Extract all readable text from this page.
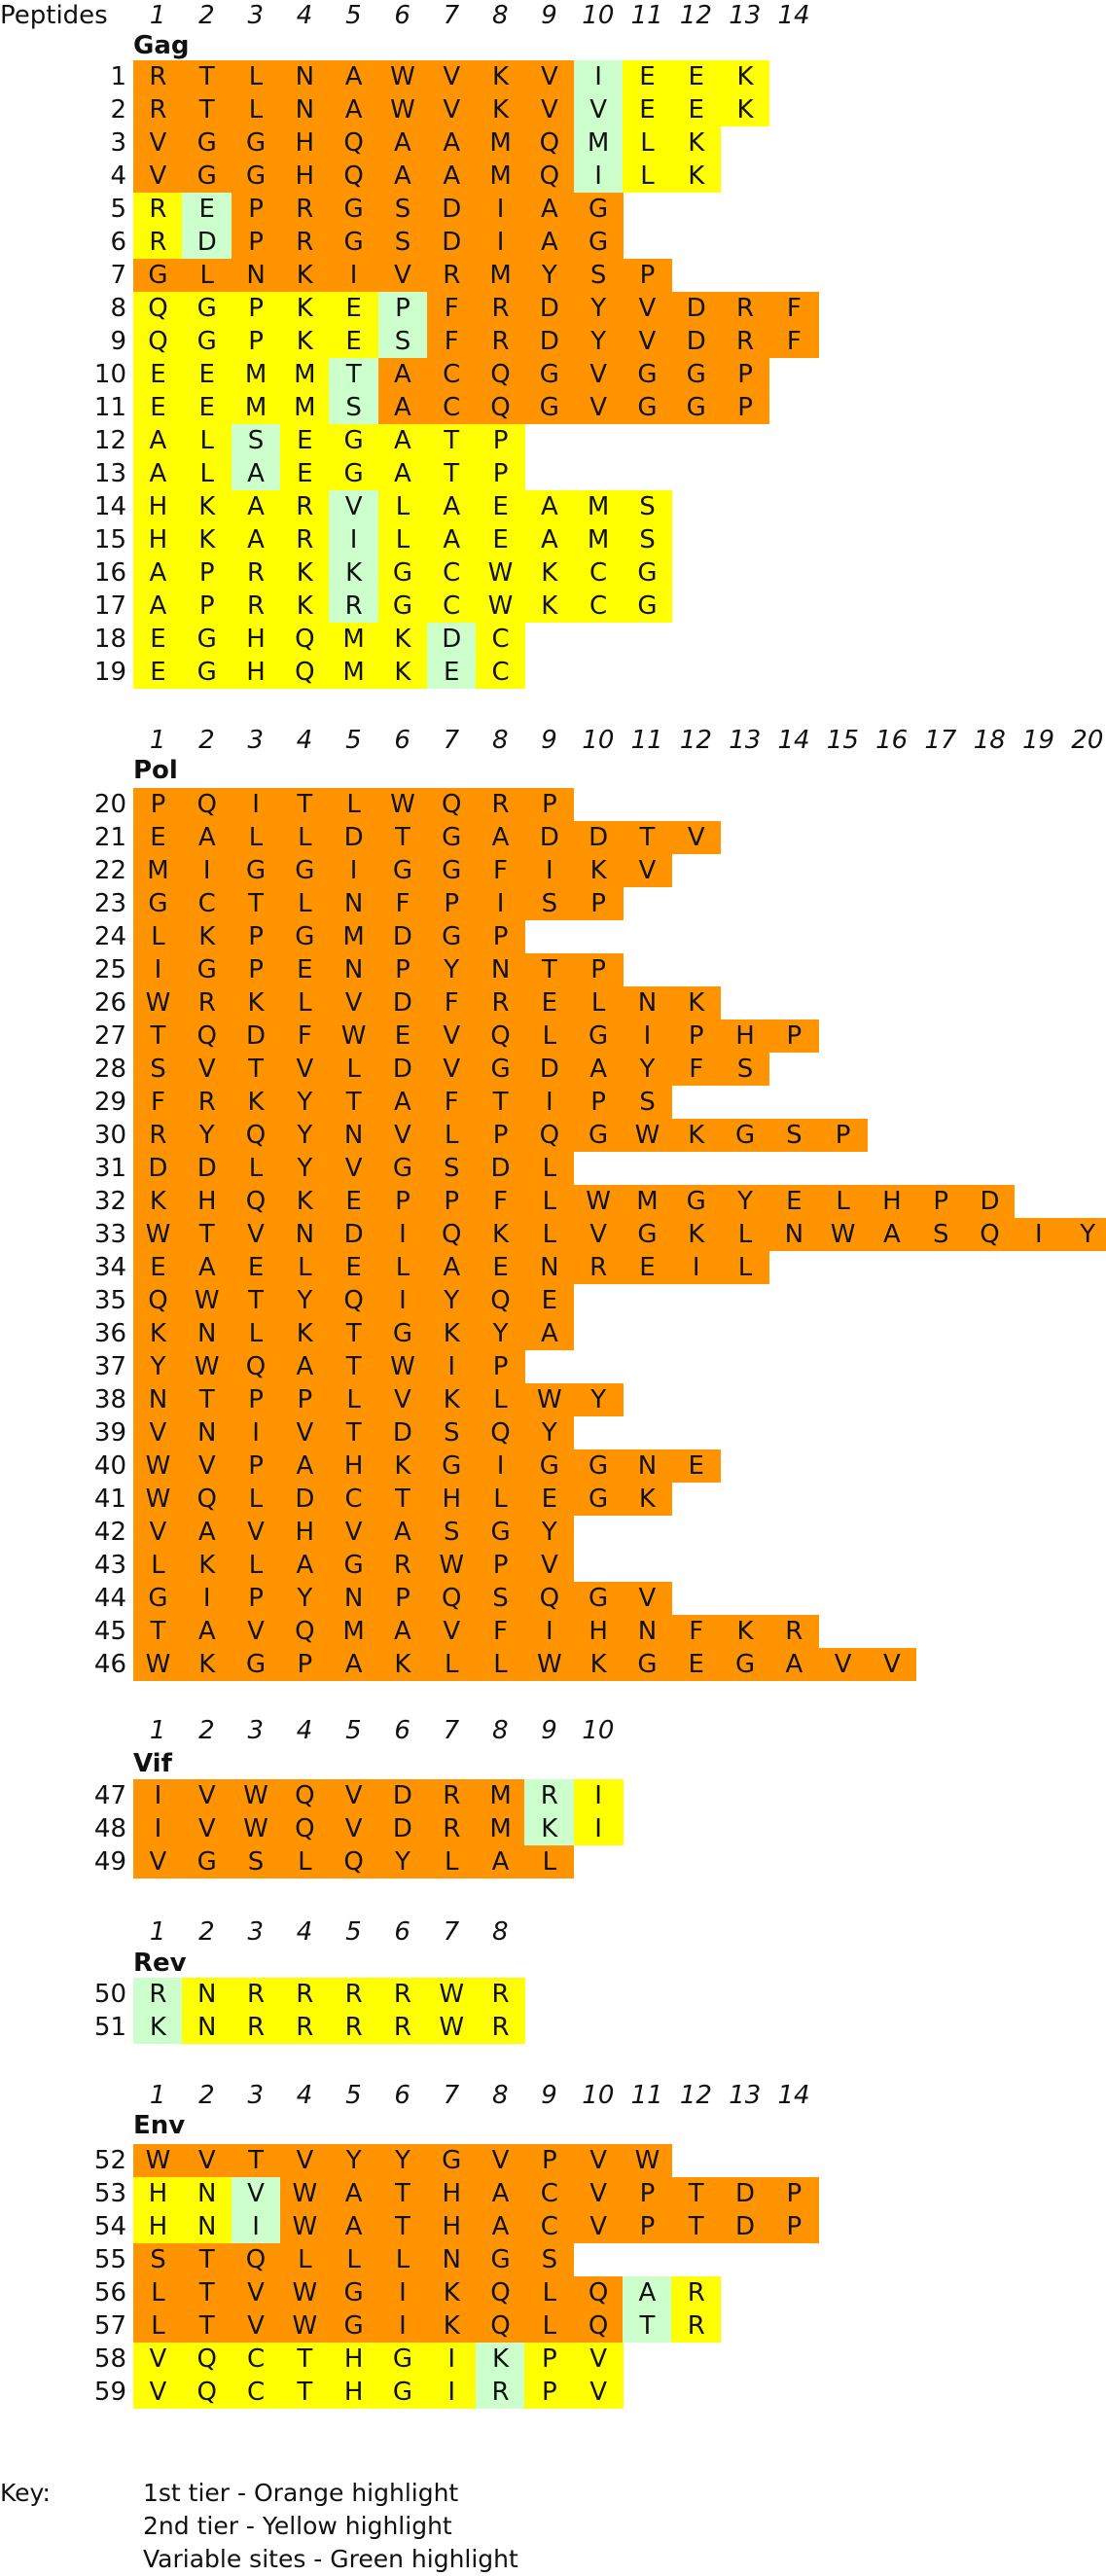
Peptides	1	2	3	4	5	6	7	8	9 10 11 12 13 14
Gag
1 R	T	L	N	A	W	V	K	V	I	E	E	K
2 R	T	L	N	A	W	V	K	V	V	E	E	K
3 V	G	G	H	Q	A	A	M	Q	M	L	K
4 V	G	G	H	Q	A	A	M	Q	I	L	K
5 R	E	P	R	G	S	D	I	A	G
6 R	D	P	R	G	S	D	I	A	G
7 G	L	N	K	I	V	R	M	Y	S	P
8 Q	G	P	K	E	P	F	R	D	Y	V	D	R	F
9 Q	G	P	K	E	S	F	R	D	Y	V	D	R	F
10 E	E	M	M	T	A	C	Q	G	V	G	G	P
11 E	E	M	M	S	A	C	Q	G	V	G	G	P
12 A	L	S	E	G	A	T	P
13 A	L	A	E	G	A	T	P
14 H	K	A	R	V	L	A	E	A	M	S
15 H	K	A	R	I	L	A	E	A	M	S
16 A	P	R	K	K	G	C	W	K	C	G
17 A	P	R	K	R	G	C	W	K	C	G
18 E	G	H	Q	M	K	D	C
19 E	G	H	Q	M	K	E	C
1	2	3	4	5	6	7	8	9 10 11 12 13 14 15 16 17 18 19 20
Pol
20 P	Q	I	T	L	W	Q	R	P
21 E	A	L	L	D	T	G	A	D	D	T	V
22 M	I	G	G	I	G	G	F	I	K	V
23 G	C	T	L	N	F	P	I	S	P
24 L	K	P	G	M	D	G	P
25	I	G	P	E	N	P	Y	N	T	P
26 W	R	K	L	V	D	F	R	E	L	N	K
27 T	Q	D	F	W	E	V	Q	L	G	I	P	H	P
28 S	V	T	V	L	D	V	G	D	A	Y	F	S
29 F	R	K	Y	T	A	F	T	I	P	S
30 R	Y	Q	Y	N	V	L	P	Q	G	W	K	G	S	P
31 D	D	L	Y	V	G	S	D	L
32 K	H	Q	K	E	P	P	F	L	W	M	G	Y	E	L	H	P	D
33 W	T	V	N	D	I	Q	K	L	V	G	K	L	N	W	A	S	Q	I	Y
34 E	A	E	L	E	L	A	E	N	R	E	I	L
35 Q	W	T	Y	Q	I	Y	Q	E
36 K	N	L	K	T	G	K	Y	A
37 Y	W	Q	A	T	W	I	P
38 N	T	P	P	L	V	K	L	W	Y
39 V	N	I	V	T	D	S	Q	Y
40 W	V	P	A	H	K	G	I	G	G	N	E
41 W	Q	L	D	C	T	H	L	E	G	K
42 V	A	V	H	V	A	S	G	Y
43 L	K	L	A	G	R	W	P	V
44 G	I	P	Y	N	P	Q	S	Q	G	V
45 T	A	V	Q	M	A	V	F	I	H	N	F	K	R
46 W	K	G	P	A	K	L	L	W	K	G	E	G	A	V	V
1	2	3	4	5	6	7	8	9 10
Vif
47	I	V	W	Q	V	D	R	M	R	I
48	I	V	W	Q	V	D	R	M	K	I
49 V	G	S	L	Q	Y	L	A	L
1	2	3	4	5	6	7	8
Rev
50 R	N	R	R	R	R	W	R
51 K	N	R	R	R	R	W	R
1	2	3	4	5	6	7	8	9 10 11 12 13 14
Env
52 W	V	T	V	Y	Y	G	V	P	V	W
53 H	N	V	W	A	T	H	A	C	V	P	T	D	P
54 H	N	I	W	A	T	H	A	C	V	P	T	D	P
55 S	T	Q	L	L	L	N	G	S
56 L	T	V	W	G	I	K	Q	L	Q	A	R
57 L	T	V	W	G	I	K	Q	L	Q	T	R
58 V	Q	C	T	H	G	I	K	P	V
59 V	Q	C	T	H	G	I	R	P	V
Key:	1st tier - Orange highlight
2nd tier - Yellow highlight
Variable sites - Green highlight
